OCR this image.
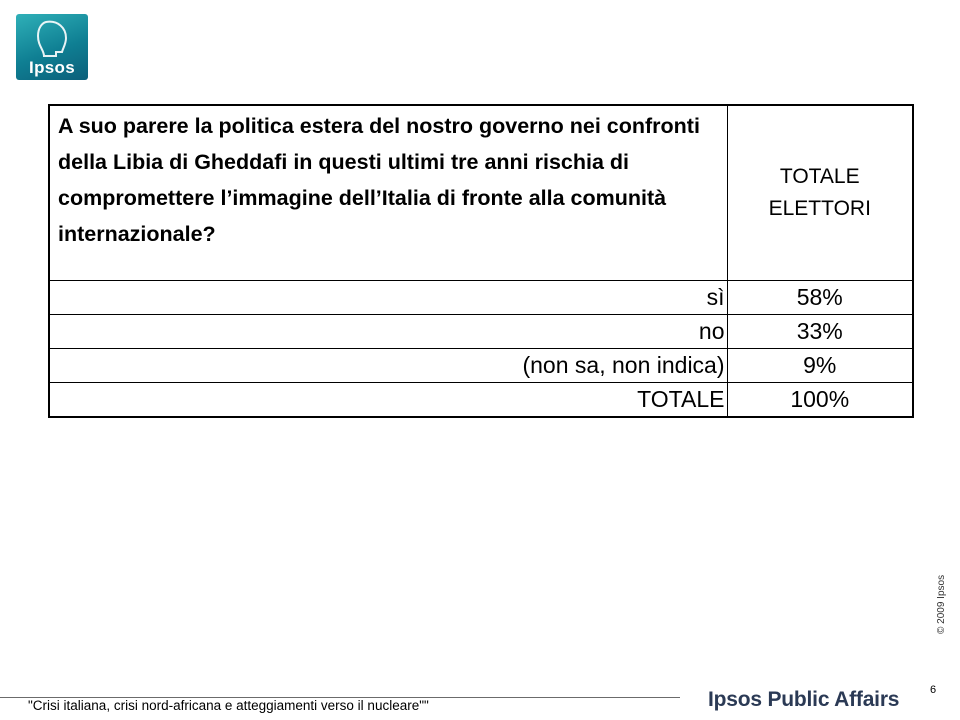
Ipsos
A suo parere la politica estera del nostro governo nei confronti della Libia di Gheddafi in questi ultimi tre anni rischia di compromettere l’immagine dell’Italia di fronte alla comunità internazionale?	TOTALE
ELETTORI

sì	58%
no	33%
(non sa, non indica)	9%
TOTALE	100%
© 2009 Ipsos
6
"Crisi italiana, crisi nord-africana e atteggiamenti verso il nucleare""	Ipsos Public Affairs
